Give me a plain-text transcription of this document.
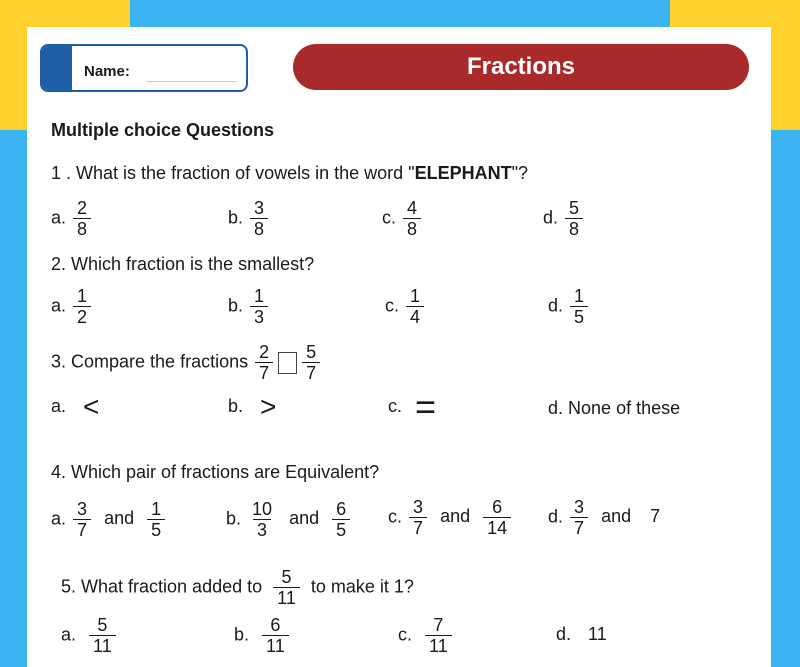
Name:	Fractions
Multiple choice Questions
1 . What is the fraction of vowels in the word "ELEPHANT"?
a. $\frac{2}{8}$	b. $\frac{3}{8}$	c. $\frac{4}{8}$	d. $\frac{5}{8}$
2. Which fraction is the smallest?
a. $\frac{1}{2}$	b. $\frac{1}{3}$	c. $\frac{1}{4}$	d. $\frac{1}{5}$
3. Compare the fractions $\frac{2}{7} \frac{5}{7}$
a. <	b. >	c. =	d. None of these
4. Which pair of fractions are Equivalent?
a. $\frac{3}{7}$ and $\frac{1}{5}$	b. $\frac{10}{3}$ and $\frac{6}{5} c$. $\frac{3}{7}$ and $\frac{6}{14} d$. $\frac{3}{7}$ and 7
5. What fraction added to $\frac{5}{11}$ to make it 1?
a. $\frac{5}{11}$	b. $\frac{6}{11}$	c. $\frac{7}{11}$	d. 11
